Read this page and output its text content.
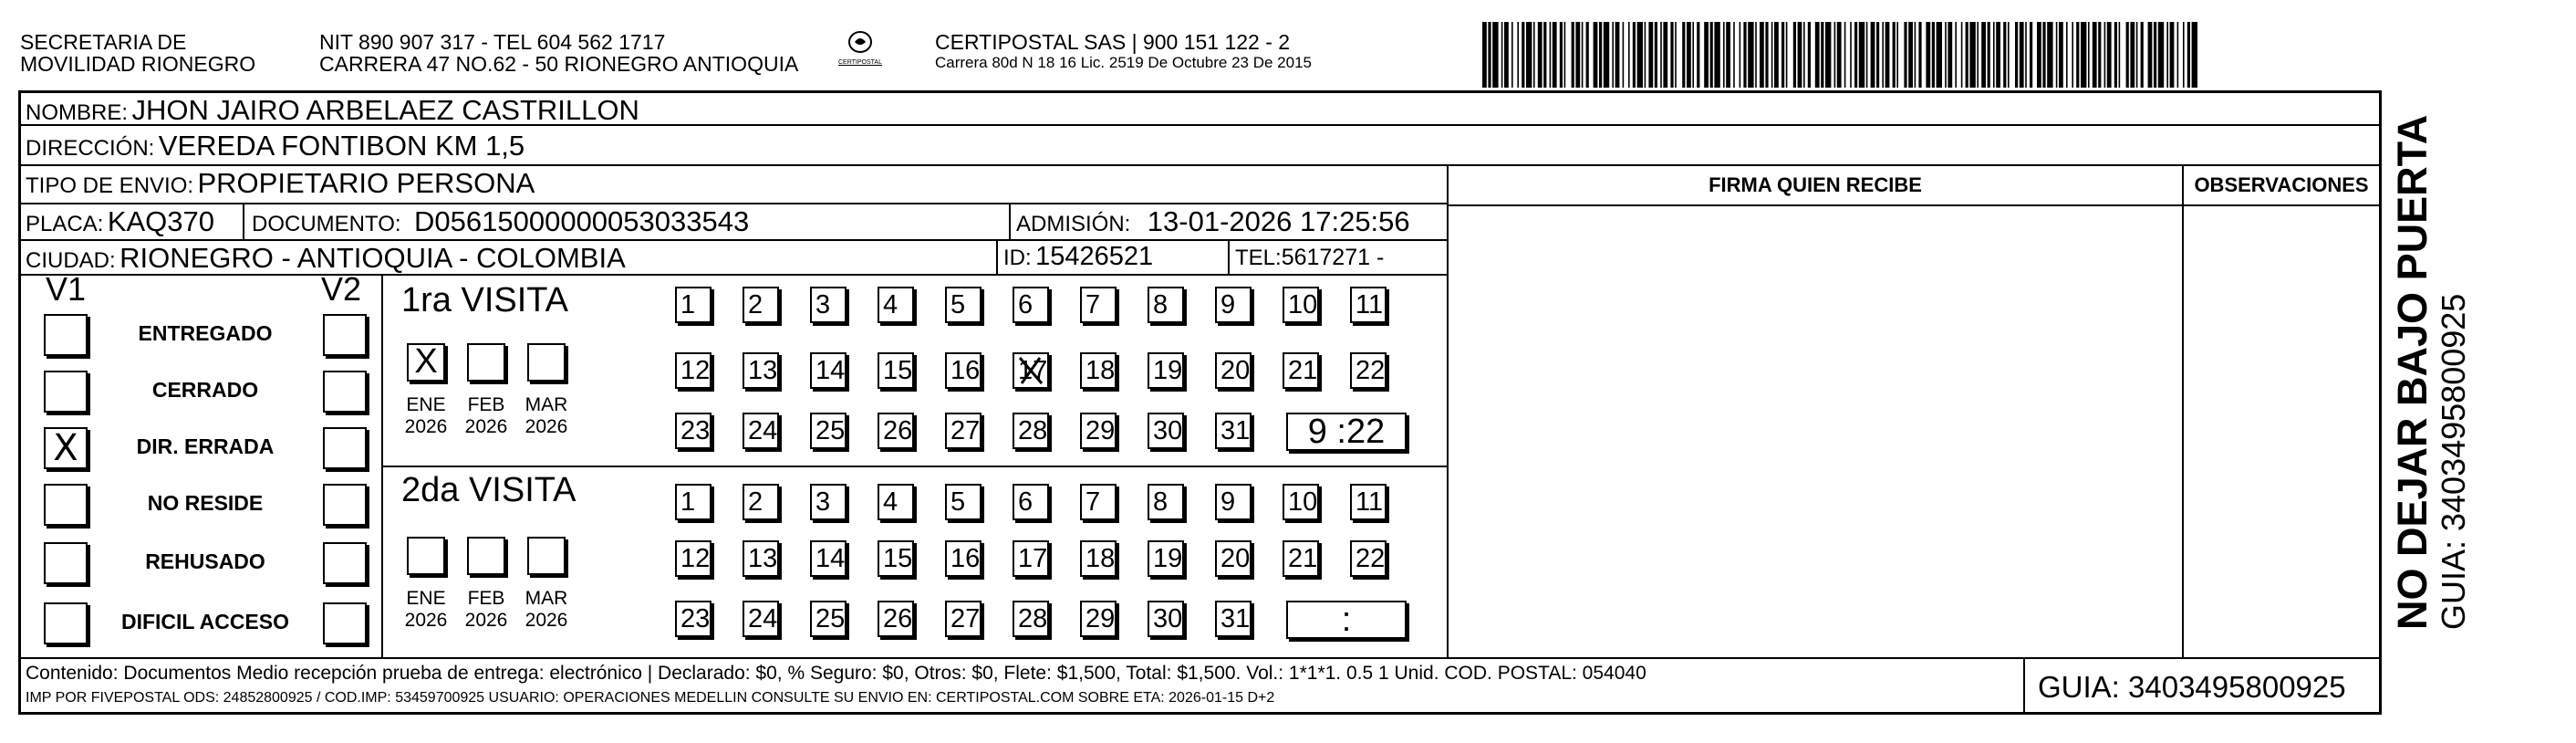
SECRETARIA DE
MOVILIDAD RIONEGRO
NIT 890 907 317 - TEL 604 562 1717
CARRERA 47 NO.62 - 50 RIONEGRO ANTIOQUIA	CERTIPOSTAL
CERTIPOSTAL SAS | 900 151 122 - 2
Carrera 80d N 18 16 Lic. 2519 De Octubre 23 De 2015
NOMBRE: JHON JAIRO ARBELAEZ CASTRILLON
DIRECCIÓN: VEREDA FONTIBON KM 1,5
TIPO DE ENVIO: PROPIETARIO PERSONA
PLACA: KAQ370 DOCUMENTO: D05615000000053033543	ADMISIÓN: 13-01-2026 17:25:56
CIUDAD: RIONEGRO - ANTIOQUIA - COLOMBIA	ID: 15426521	TEL:5617271 -
FIRMA QUIEN RECIBE	OBSERVACIONES
V1	V2
ENTREGADO
CERRADO
X	DIR. ERRADA
NO RESIDE
REHUSADO
DIFICIL ACCESO
1ra VISITA
2da VISITA
1	2	3	4	5	6	7	8	9	10 11
12 13 14 15 16 17 18 19 20 21 22
23 24 25 26 27 28 29 30 31	9 :22
X
ENE
2026
FEB
2026
MAR
2026
1	2	3	4	5	6	7	8	9	10 11
12 13 14 15 16 17 18 19 20 21 22
23 24 25 26 27 28 29 30 31	:
ENE
2026
FEB
2026
MAR
2026
Contenido: Documentos Medio recepción prueba de entrega: electrónico | Declarado: $0, % Seguro: $0, Otros: $0, Flete: $1,500, Total: $1,500. Vol.: 1*1*1. 0.5 1 Unid. COD. POSTAL: 054040
IMP POR FIVEPOSTAL ODS: 24852800925 / COD.IMP: 53459700925 USUARIO: OPERACIONES MEDELLIN CONSULTE SU ENVIO EN: CERTIPOSTAL.COM SOBRE ETA: 2026-01-15 D+2	GUIA: 3403495800925
NO DEJAR BAJO PUERTA GUIA: 3403495800925
